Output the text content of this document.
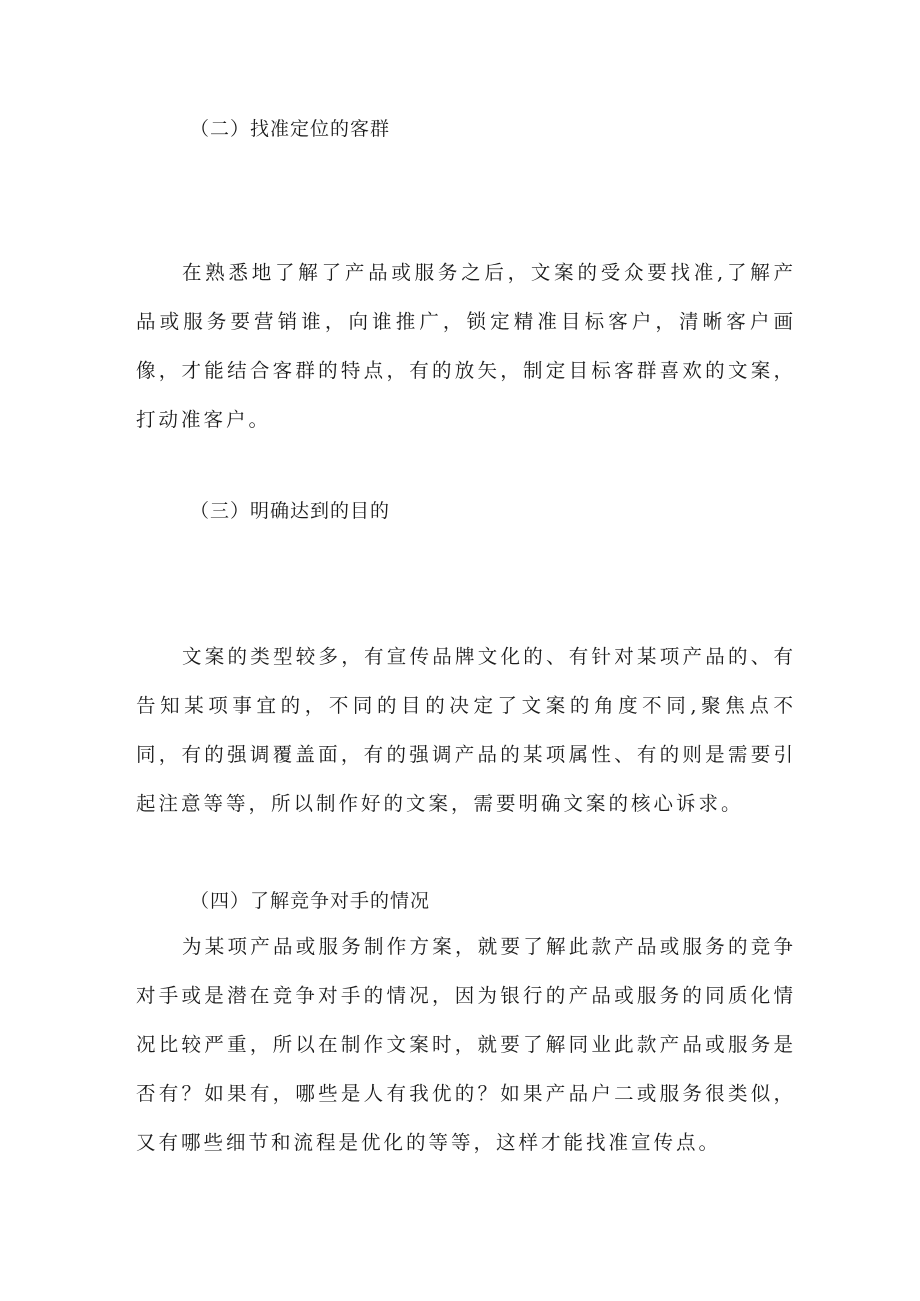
（二）找准定位的客群
在熟悉地了解了产品或服务之后，文案的受众要找准,了解产品或服务要营销谁，向谁推广，锁定精准目标客户，清晰客户画像，才能结合客群的特点，有的放矢，制定目标客群喜欢的文案，打动准客户。
（三）明确达到的目的
文案的类型较多，有宣传品牌文化的、有针对某项产品的、有告知某项事宜的，不同的目的决定了文案的角度不同,聚焦点不同，有的强调覆盖面，有的强调产品的某项属性、有的则是需要引起注意等等，所以制作好的文案，需要明确文案的核心诉求。
（四）了解竞争对手的情况
为某项产品或服务制作方案，就要了解此款产品或服务的竞争对手或是潜在竞争对手的情况，因为银行的产品或服务的同质化情况比较严重，所以在制作文案时，就要了解同业此款产品或服务是否有？如果有，哪些是人有我优的？如果产品户二或服务很类似，又有哪些细节和流程是优化的等等，这样才能找准宣传点。
